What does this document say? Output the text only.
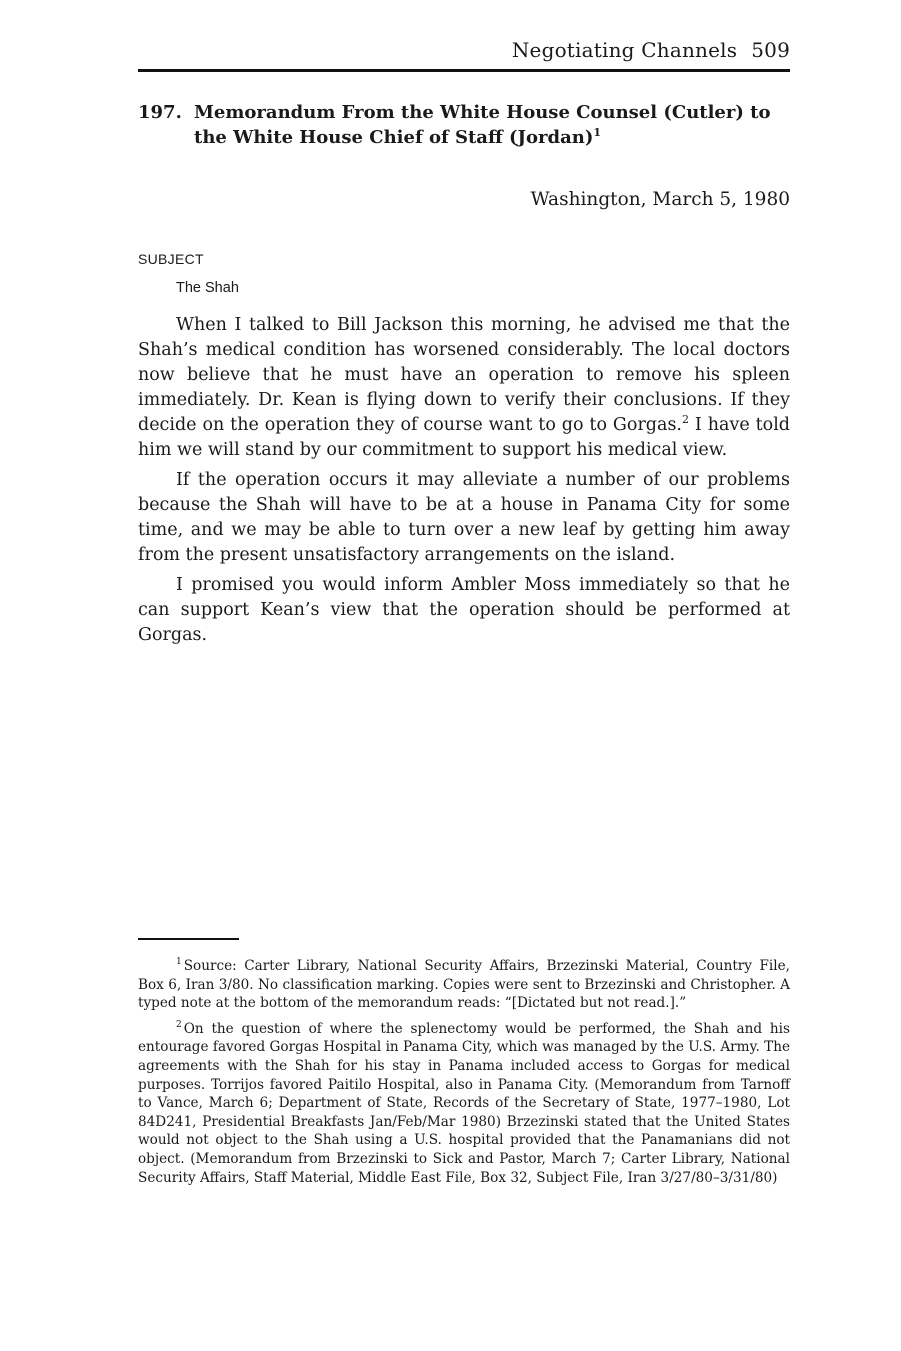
Negotiating Channels 509
197. Memorandum From the White House Counsel (Cutler) to the White House Chief of Staff (Jordan)$^1$
Washington, March 5, 1980
SUBJECT
The Shah

When I talked to Bill Jackson this morning, he advised me that the Shah’s medical condition has worsened considerably. The local doctors now believe that he must have an operation to remove his spleen immediately. Dr. Kean is flying down to verify their conclusions. If they decide on the operation they of course want to go to Gorgas.$^2$ I have told him we will stand by our commitment to support his medical view.

If the operation occurs it may alleviate a number of our problems because the Shah will have to be at a house in Panama City for some time, and we may be able to turn over a new leaf by getting him away from the present unsatisfactory arrangements on the island.

I promised you would inform Ambler Moss immediately so that he can support Kean’s view that the operation should be performed at Gorgas.

$^1$ Source: Carter Library, National Security Affairs, Brzezinski Material, Country File, Box 6, Iran 3/80. No classification marking. Copies were sent to Brzezinski and Christopher. A typed note at the bottom of the memorandum reads: “[Dictated but not read.].”

$^2$ On the question of where the splenectomy would be performed, the Shah and his entourage favored Gorgas Hospital in Panama City, which was managed by the U.S. Army. The agreements with the Shah for his stay in Panama included access to Gorgas for medical purposes. Torrijos favored Paitilo Hospital, also in Panama City. (Memorandum from Tarnoff to Vance, March 6; Department of State, Records of the Secretary of State, 1977–1980, Lot 84D241, Presidential Breakfasts Jan/Feb/Mar 1980) Brzezinski stated that the United States would not object to the Shah using a U.S. hospital provided that the Panamanians did not object. (Memorandum from Brzezinski to Sick and Pastor, March 7; Carter Library, National Security Affairs, Staff Material, Middle East File, Box 32, Subject File, Iran 3/27/80–3/31/80)
